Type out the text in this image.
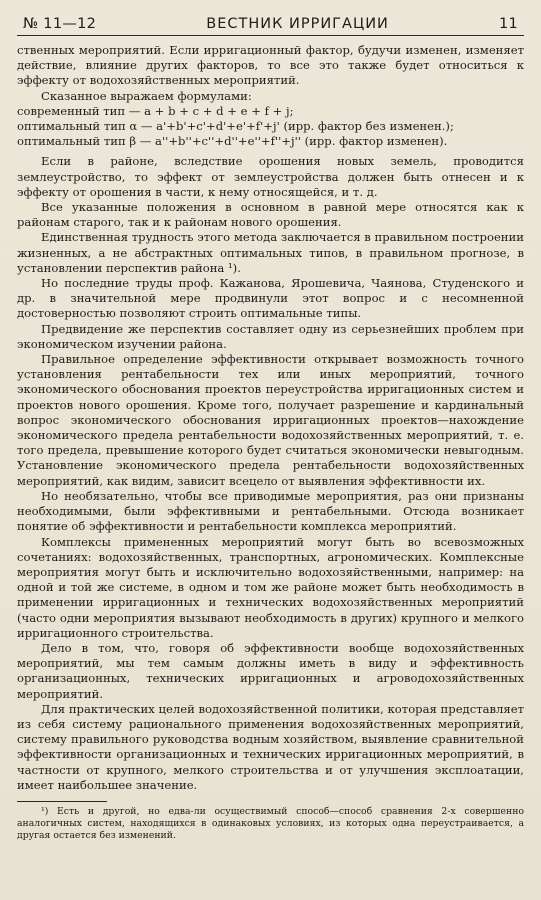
№ 11—12	ВЕСТНИК ИРРИГАЦИИ	11

ственных мероприятий. Если ирригационный фактор, будучи изменен, изменяет действие, влияние других факторов, то все это также будет относиться к эффекту от водохозяйственных мероприятий.

Сказанное выражаем формулами:

современный тип — a + b + c + d + e + f + j;

оптимальный тип α — a'+b'+c'+d'+e'+f'+j' (ирр. фактор без изменен.);

оптимальный тип β — a''+b''+c''+d''+e''+f''+j'' (ирр. фактор изменен).

Если в районе, вследствие орошения новых земель, проводится землеустройство, то эффект от землеустройства должен быть отнесен и к эффекту от орошения в части, к нему относящейся, и т. д.

Все указанные положения в основном в равной мере относятся как к районам старого, так и к районам нового орошения.

Единственная трудность этого метода заключается в правильном построении жизненных, а не абстрактных оптимальных типов, в правильном прогнозе, в установлении перспектив района ¹).

Но последние труды проф. Кажанова, Ярошевича, Чаянова, Студенского и др. в значительной мере продвинули этот вопрос и с несомненной достоверностью позволяют строить оптимальные типы.

Предвидение же перспектив составляет одну из серьезнейших проблем при экономическом изучении района.

Правильное определение эффективности открывает возможность точного установления рентабельности тех или иных мероприятий, точного экономического обоснования проектов переустройства ирригационных систем и проектов нового орошения. Кроме того, получает разрешение и кардинальный вопрос экономического обоснования ирригационных проектов—нахождение экономического предела рентабельности водохозяйственных мероприятий, т. е. того предела, превышение которого будет считаться экономически невыгодным. Установление экономического предела рентабельности водохозяйственных мероприятий, как видим, зависит всецело от выявления эффективности их.

Но необязательно, чтобы все приводимые мероприятия, раз они признаны необходимыми, были эффективными и рентабельными. Отсюда возникает понятие об эффективности и рентабельности комплекса мероприятий.

Комплексы примененных мероприятий могут быть во всевозможных сочетаниях: водохозяйственных, транспортных, агрономических. Комплексные мероприятия могут быть и исключительно водохозяйственными, например: на одной и той же системе, в одном и том же районе может быть необходимость в применении ирригационных и технических водохозяйственных мероприятий (часто одни мероприятия вызывают необходимость в других) крупного и мелкого ирригационного строительства.

Дело в том, что, говоря об эффективности вообще водохозяйственных мероприятий, мы тем самым должны иметь в виду и эффективность организационных, технических ирригационных и агроводохозяйственных мероприятий.

Для практических целей водохозяйственной политики, которая представляет из себя систему рационального применения водохозяйственных мероприятий, систему правильного руководства водным хозяйством, выявление сравнительной эффективности организационных и технических ирригационных мероприятий, в частности от крупного, мелкого строительства и от улучшения эксплоатации, имеет наибольшее значение.

¹) Есть и другой, но едва-ли осуществимый способ—способ сравнения 2-х совершенно аналогичных систем, находящихся в одинаковых условиях, из которых одна переустраивается, а другая остается без изменений.
